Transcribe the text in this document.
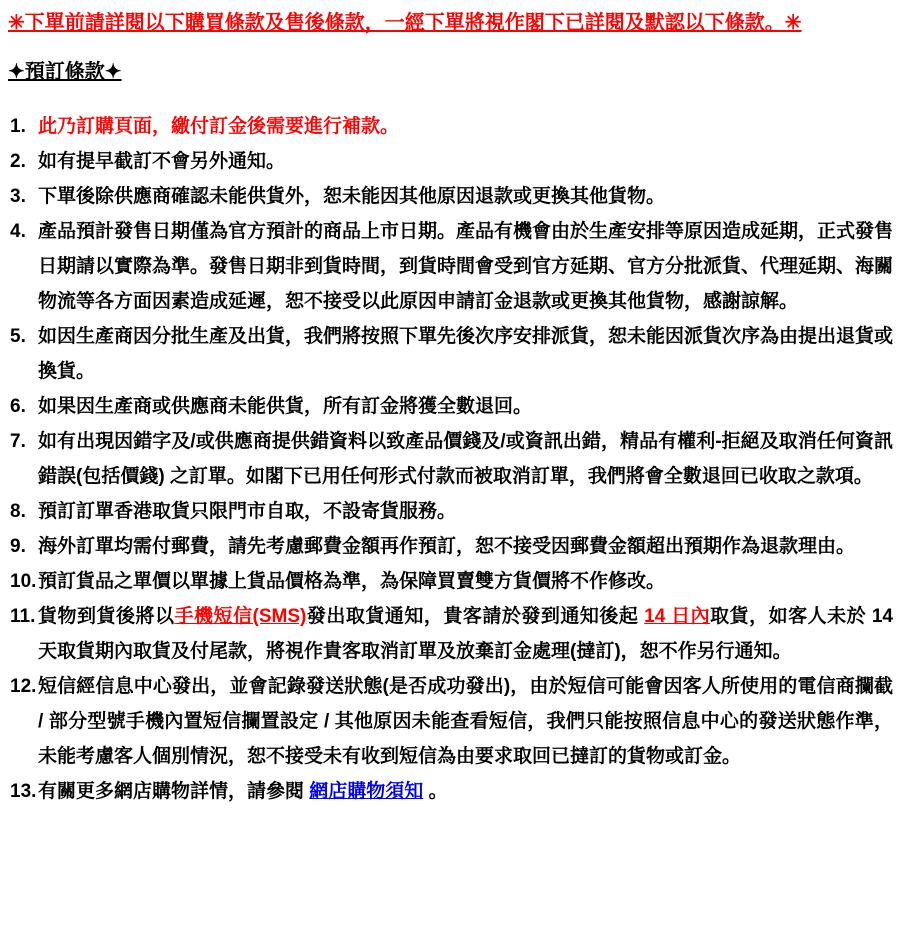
✳下單前請詳閱以下購買條款及售後條款，一經下單將視作閣下已詳閱及默認以下條款。✳

✦預訂條款✦

1. 此乃訂購頁面，繳付訂金後需要進行補款。
2. 如有提早截訂不會另外通知。
3. 下單後除供應商確認未能供貨外，恕未能因其他原因退款或更換其他貨物。
4. 產品預計發售日期僅為官方預計的商品上市日期。產品有機會由於生產安排等原因造成延期，正式發售日期請以實際為準。發售日期非到貨時間，到貨時間會受到官方延期、官方分批派貨、代理延期、海關物流等各方面因素造成延遲，恕不接受以此原因申請訂金退款或更換其他貨物，感謝諒解。
5. 如因生產商因分批生產及出貨，我們將按照下單先後次序安排派貨，恕未能因派貨次序為由提出退貨或換貨。
6. 如果因生產商或供應商未能供貨，所有訂金將獲全數退回。
7. 如有出現因錯字及/或供應商提供錯資料以致產品價錢及/或資訊出錯，精品有權利-拒絕及取消任何資訊錯誤(包括價錢) 之訂單。如閣下已用任何形式付款而被取消訂單，我們將會全數退回已收取之款項。
8. 預訂訂單香港取貨只限門市自取，不設寄貨服務。
9. 海外訂單均需付郵費，請先考慮郵費金額再作預訂，恕不接受因郵費金額超出預期作為退款理由。
10. 預訂貨品之單價以單據上貨品價格為準，為保障買賣雙方貨價將不作修改。
11. 貨物到貨後將以手機短信(SMS)發出取貨通知，貴客請於發到通知後起 14 日內取貨，如客人未於 14 天取貨期內取貨及付尾款，將視作貴客取消訂單及放棄訂金處理(撻訂)，恕不作另行通知。
12. 短信經信息中心發出，並會記錄發送狀態(是否成功發出)，由於短信可能會因客人所使用的電信商攔截 / 部分型號手機內置短信攔置設定 / 其他原因未能查看短信，我們只能按照信息中心的發送狀態作準，未能考慮客人個別情況，恕不接受未有收到短信為由要求取回已撻訂的貨物或訂金。
13. 有關更多網店購物詳情，請參閱 網店購物須知 。
